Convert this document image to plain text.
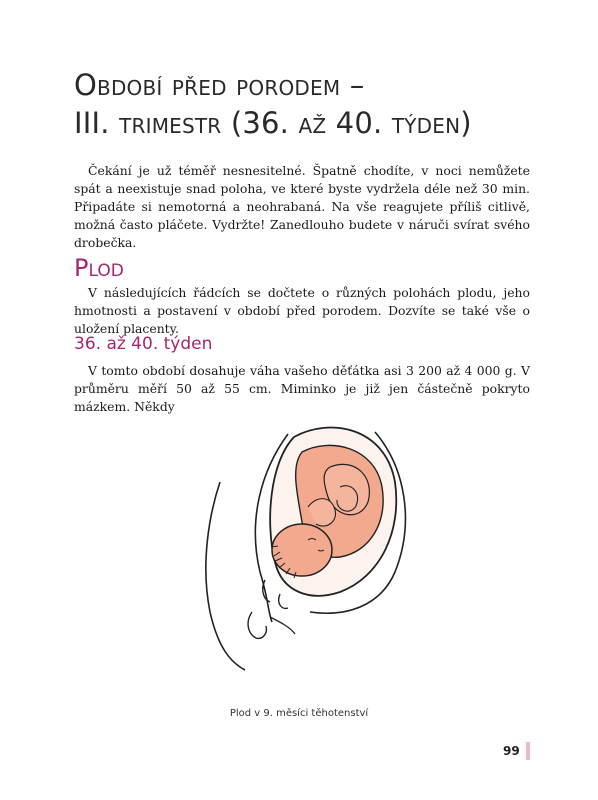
Období před porodem –
III. trimestr (36. až 40. týden)

Čekání je už téměř nesnesitelné. Špatně chodíte, v noci nemůžete spát a neexistuje snad poloha, ve které byste vydržela déle než 30 min. Připadáte si nemotorná a neohrabaná. Na vše reagujete příliš citlivě, možná často pláčete. Vydržte! Zanedlouho budete v náruči svírat svého drobečka.

Plod

V následujících řádcích se dočtete o různých polohách plodu, jeho hmotnosti a postavení v období před porodem. Dozvíte se také vše o uložení placenty.

36. až 40. týden

V tomto období dosahuje váha vašeho děťátka asi 3 200 až 4 000 g. V průměru měří 50 až 55 cm. Miminko je již jen částečně pokryto mázkem. Někdy

Plod v 9. měsíci těhotenství

99
